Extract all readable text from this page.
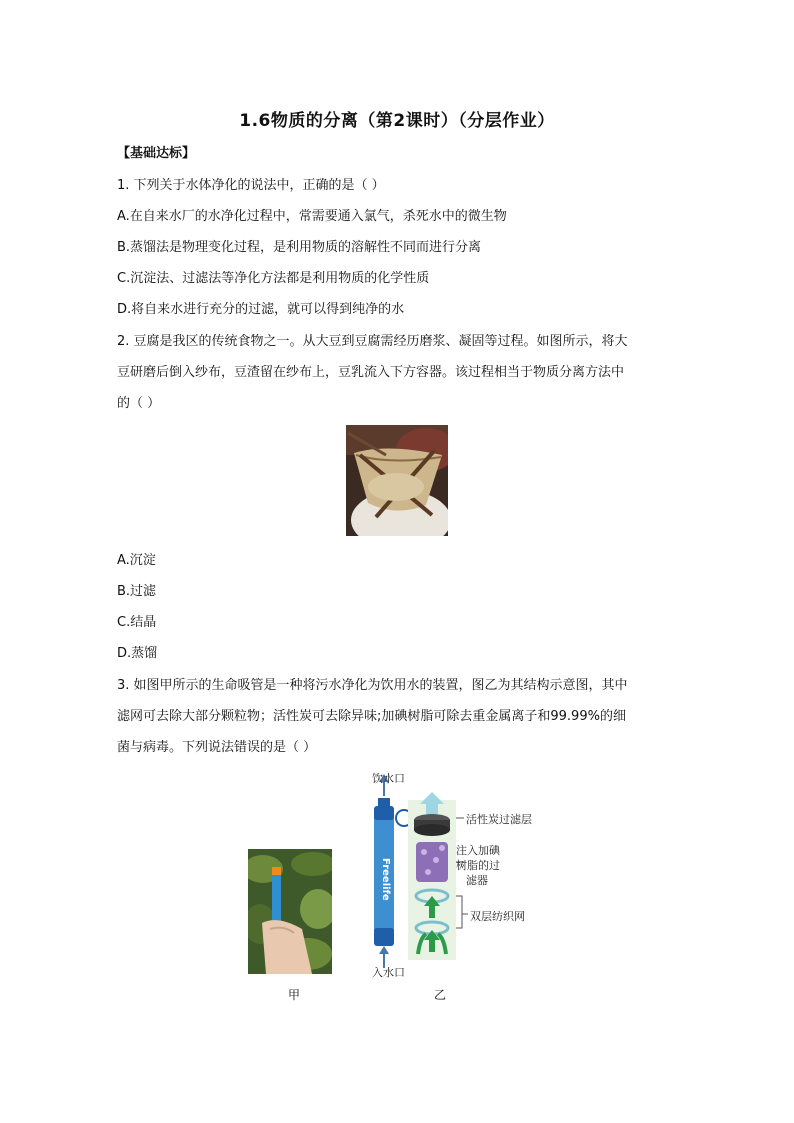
1.6物质的分离（第2课时）（分层作业）
【基础达标】
1. 下列关于水体净化的说法中，正确的是（ ）
A.在自来水厂的水净化过程中，常需要通入氯气，杀死水中的微生物
B.蒸馏法是物理变化过程，是利用物质的溶解性不同而进行分离
C.沉淀法、过滤法等净化方法都是利用物质的化学性质
D.将自来水进行充分的过滤，就可以得到纯净的水
2. 豆腐是我区的传统食物之一。从大豆到豆腐需经历磨浆、凝固等过程。如图所示，将大
豆研磨后倒入纱布，豆渣留在纱布上，豆乳流入下方容器。该过程相当于物质分离方法中
的（ ）
A.沉淀
B.过滤
C.结晶
D.蒸馏
3. 如图甲所示的生命吸管是一种将污水净化为饮用水的装置，图乙为其结构示意图，其中
滤网可去除大部分颗粒物；活性炭可去除异味;加碘树脂可除去重金属离子和99.99%的细
菌与病毒。下列说法错误的是（ ）
甲
Freelife
饮水口
入水口
活性炭过滤层
注入加碘
树脂的过
滤器
双层纺织网
乙
